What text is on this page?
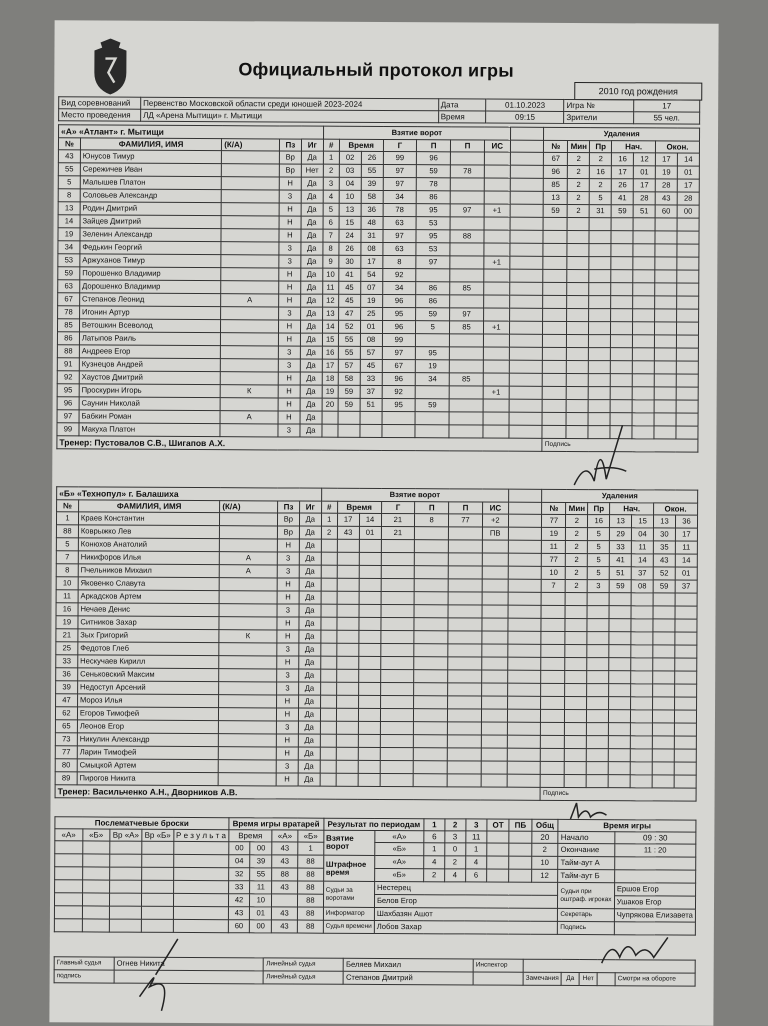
Официальный протокол игры
2010 год рождения
Вид соревнований	Первенство Московской области среди юношей 2023-2024	Дата	01.10.2023	Игра №	17
Место проведения	ЛД «Арена Мытищи» г. Мытищи	Время	09:15	Зрители	55 чел.
«А» «Атлант» г. Мытищи					Взятие ворот								Удаления						
№	ФАМИЛИЯ, ИМЯ	(К/А)	Пз	Иг	#	Время		Г	П	П	ИС		№	Мин	Пр	Нач.		Окон.	
43	Юнусов Тимур		Вр	Да	1	02	26	99	96				67	2	2	16	12	17	14
55	Сережичев Иван		Вр	Нет	2	03	55	97	59	78			96	2	16	17	01	19	01
5	Малышев Платон		Н	Да	3	04	39	97	78				85	2	2	26	17	28	17
8	Соловьев Александр		3	Да	4	10	58	34	86				13	2	5	41	28	43	28
13	Родин Дмитрий		Н	Да	5	13	36	78	95	97	+1		59	2	31	59	51	60	00
14	Зайцев Дмитрий		Н	Да	6	15	48	63	53										
19	Зеленин Александр		Н	Да	7	24	31	97	95	88									
34	Федькин Георгий		3	Да	8	26	08	63	53										
53	Аржуханов Тимур		3	Да	9	30	17	8	97		+1								
59	Порошенко Владимир		Н	Да	10	41	54	92											
63	Дорошенко Владимир		Н	Да	11	45	07	34	86	85									
67	Степанов Леонид	А	Н	Да	12	45	19	96	86										
78	Игонин Артур		3	Да	13	47	25	95	59	97									
85	Ветошкин Всеволод		Н	Да	14	52	01	96	5	85	+1								
86	Латыпов Раиль		Н	Да	15	55	08	99											
88	Андреев Егор		3	Да	16	55	57	97	95										
91	Кузнецов Андрей		3	Да	17	57	45	67	19										
92	Хаустов Дмитрий		Н	Да	18	58	33	96	34	85									
95	Проскурин Игорь	К	Н	Да	19	59	37	92			+1								
96	Саунин Николай		Н	Да	20	59	51	95	59										
97	Бабкин Роман	А	Н	Да															
99	Макуха Платон		3	Да															
Тренер: Пустовалов С.В., Шигапов А.Х.													Подпись						
«Б» «Технопул» г. Балашиха					Взятие ворот								Удаления						
№	ФАМИЛИЯ, ИМЯ	(К/А)	Пз	Иг	#	Время		Г	П	П	ИС		№	Мин	Пр	Нач.		Окон.	
1	Краев Константин		Вр	Да	1	17	14	21	8	77	+2		77	2	16	13	15	13	36
88	Коврыжко Лев		Вр	Да	2	43	01	21			ПВ		19	2	5	29	04	30	17
5	Конюхов Анатолий		Н	Да									11	2	5	33	11	35	11
7	Никифоров Илья	А	3	Да									77	2	5	41	14	43	14
8	Пчельников Михаил	А	3	Да									10	2	5	51	37	52	01
10	Яковенко Славута		Н	Да									7	2	3	59	08	59	37
11	Аркадсков Артем		Н	Да															
16	Нечаев Денис		3	Да															
19	Ситников Захар		Н	Да															
21	Зых Григорий	К	Н	Да															
25	Федотов Глеб		3	Да															
33	Нескучаев Кирилл		Н	Да															
36	Сеньковский Максим		3	Да															
39	Недоступ Арсений		3	Да															
47	Мороз Илья		Н	Да															
62	Егоров Тимофей		Н	Да															
65	Леонов Егор		3	Да															
73	Никулин Александр		Н	Да															
77	Ларин Тимофей		Н	Да															
80	Смыцкой Артем		3	Да															
89	Пирогов Никита		Н	Да															
Тренер: Васильченко А.Н., Дворников А.В.													Подпись						
Послематчевые броски					Время игры вратарей				Результат по периодам		1	2	3	ОТ	ПБ	Общ	Время игры	
«А»	«Б»	Вр «А»	Вр «Б»	Р е з у л ь т а	Время		«А»	«Б»	Взятие ворот	«А»	6	3	11			20	Начало	09 : 30
					00	00	43	1		«Б»	1	0	1			2	Окончание	11 : 20
					04	39	43	88	Штрафное время	«А»	4	2	4			10	Тайм-аут А	
					32	55	88	88		«Б»	2	4	6			12	Тайм-аут Б	
					33	11	43	88	Судьи за воротами	Нестерец							Судьи при оштраф. игроках	Ершов Егор
					42	10		88		Белов Егор								Ушаков Егор
					43	01	43	88	Информатор	Шахбазян Ашот							Секретарь	Чупрякова Елизавета
					60	00	43	88	Судья времени	Лобов Захар							Подпись	
Главный судья	Огнев Никита	Линейный судья	Беляев Михаил	Инспектор					
подпись		Линейный судья	Степанов Дмитрий		Замечания	Да	Нет		Смотри на обороте
